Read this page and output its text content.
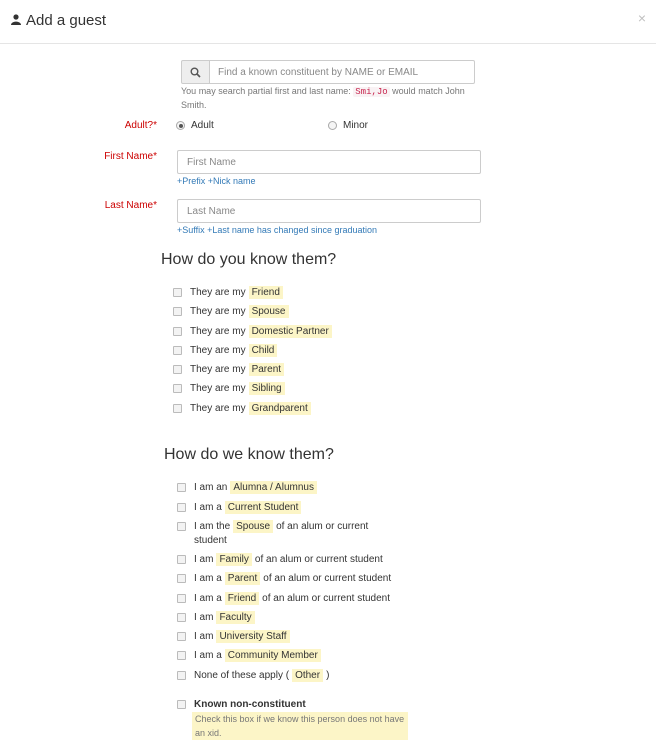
Add a guest	×
Find a known constituent by NAME or EMAIL
You may search partial first and last name: Smi,Jo would match John Smith.
Adult?*	Adult	Minor
First Name*
First Name
+Prefix +Nick name
Last Name*
Last Name
+Suffix +Last name has changed since graduation
How do you know them?
They are my Friend
They are my Spouse
They are my Domestic Partner
They are my Child
They are my Parent
They are my Sibling
They are my Grandparent
How do we know them?
I am an Alumna / Alumnus
I am a Current Student
I am the Spouse of an alum or current
student
I am Family of an alum or current student
I am a Parent of an alum or current student
I am a Friend of an alum or current student
I am Faculty
I am University Staff
I am a Community Member
None of these apply ( Other )
Known non-constituent
Check this box if we know this person does not have an xid.
